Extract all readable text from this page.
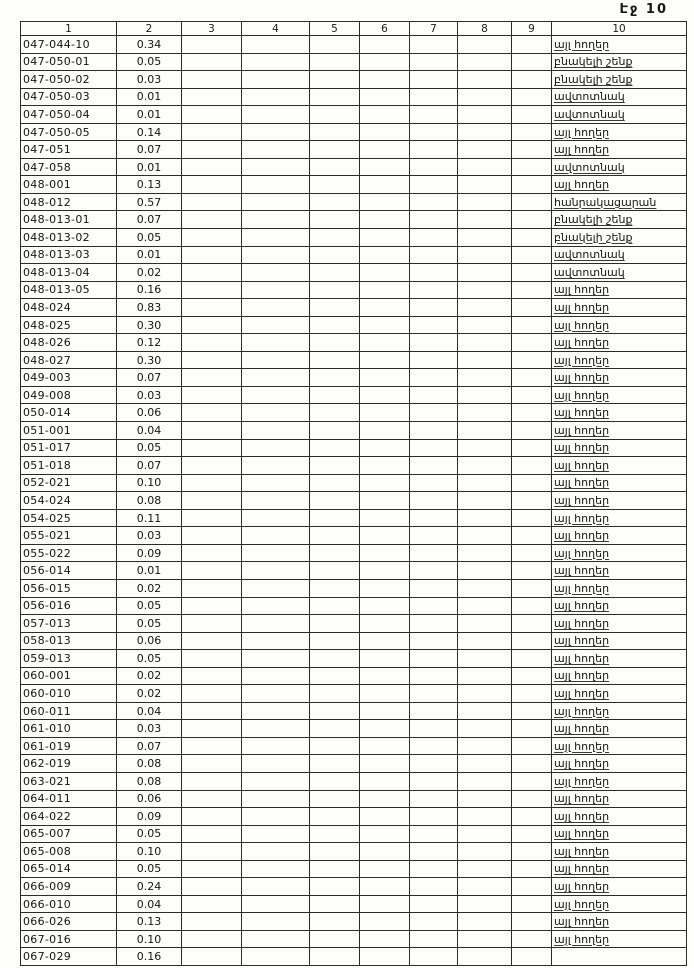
Էջ 10
1	2	3	4	5	6	7	8	9	10
047-044-10	0.34								այլ հողեր
047-050-01	0.05								բնակելի շենք
047-050-02	0.03								բնակելի շենք
047-050-03	0.01								ավտոտնակ
047-050-04	0.01								ավտոտնակ
047-050-05	0.14								այլ հողեր
047-051	0.07								այլ հողեր
047-058	0.01								ավտոտնակ
048-001	0.13								այլ հողեր
048-012	0.57								հանրակացարան
048-013-01	0.07								բնակելի շենք
048-013-02	0.05								բնակելի շենք
048-013-03	0.01								ավտոտնակ
048-013-04	0.02								ավտոտնակ
048-013-05	0.16								այլ հողեր
048-024	0.83								այլ հողեր
048-025	0.30								այլ հողեր
048-026	0.12								այլ հողեր
048-027	0.30								այլ հողեր
049-003	0.07								այլ հողեր
049-008	0.03								այլ հողեր
050-014	0.06								այլ հողեր
051-001	0.04								այլ հողեր
051-017	0.05								այլ հողեր
051-018	0.07								այլ հողեր
052-021	0.10								այլ հողեր
054-024	0.08								այլ հողեր
054-025	0.11								այլ հողեր
055-021	0.03								այլ հողեր
055-022	0.09								այլ հողեր
056-014	0.01								այլ հողեր
056-015	0.02								այլ հողեր
056-016	0.05								այլ հողեր
057-013	0.05								այլ հողեր
058-013	0.06								այլ հողեր
059-013	0.05								այլ հողեր
060-001	0.02								այլ հողեր
060-010	0.02								այլ հողեր
060-011	0.04								այլ հողեր
061-010	0.03								այլ հողեր
061-019	0.07								այլ հողեր
062-019	0.08								այլ հողեր
063-021	0.08								այլ հողեր
064-011	0.06								այլ հողեր
064-022	0.09								այլ հողեր
065-007	0.05								այլ հողեր
065-008	0.10								այլ հողեր
065-014	0.05								այլ հողեր
066-009	0.24								այլ հողեր
066-010	0.04								այլ հողեր
066-026	0.13								այլ հողեր
067-016	0.10								այլ հողեր
067-029	0.16								
